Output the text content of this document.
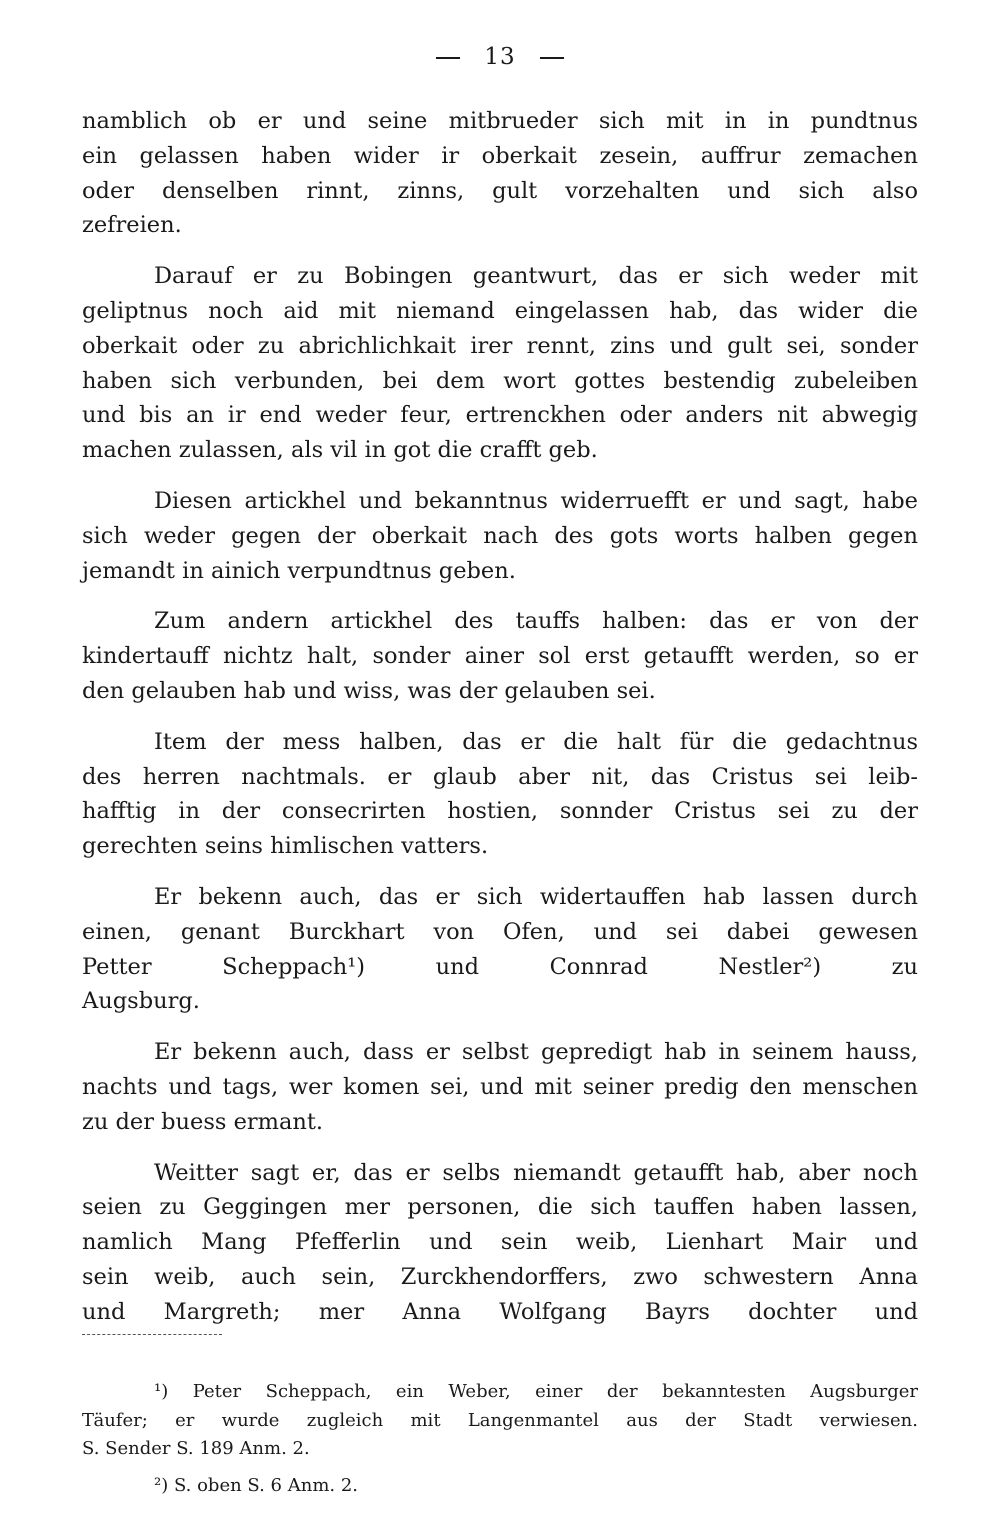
13
namblich ob er und seine mitbrueder sich mit in in pundtnus
ein gelassen haben wider ir oberkait zesein, auffrur zemachen
oder denselben rinnt, zinns, gult vorzehalten und sich also
zefreien.
Darauf er zu Bobingen geantwurt, das er sich weder mit
geliptnus noch aid mit niemand eingelassen hab, das wider die
oberkait oder zu abrichlichkait irer rennt, zins und gult sei, sonder
haben sich verbunden, bei dem wort gottes bestendig zubeleiben
und bis an ir end weder feur, ertrenckhen oder anders nit abwegig
machen zulassen, als vil in got die crafft geb.
Diesen artickhel und bekanntnus widerruefft er und sagt, habe
sich weder gegen der oberkait nach des gots worts halben gegen
jemandt in ainich verpundtnus geben.
Zum andern artickhel des tauffs halben: das er von der
kindertauff nichtz halt, sonder ainer sol erst getaufft werden, so er
den gelauben hab und wiss, was der gelauben sei.
Item der mess halben, das er die halt für die gedachtnus
des herren nachtmals. er glaub aber nit, das Cristus sei leib-
hafftig in der consecrirten hostien, sonnder Cristus sei zu der
gerechten seins himlischen vatters.
Er bekenn auch, das er sich widertauffen hab lassen durch
einen, genant Burckhart von Ofen, und sei dabei gewesen
Petter Scheppach¹) und Connrad Nestler²) zu
Augsburg.
Er bekenn auch, dass er selbst gepredigt hab in seinem hauss,
nachts und tags, wer komen sei, und mit seiner predig den menschen
zu der buess ermant.
Weitter sagt er, das er selbs niemandt getaufft hab, aber noch
seien zu Geggingen mer personen, die sich tauffen haben lassen,
namlich Mang Pfefferlin und sein weib, Lienhart Mair und
sein weib, auch sein, Zurckhendorffers, zwo schwestern Anna
und Margreth; mer Anna Wolfgang Bayrs dochter und
¹) Peter Scheppach, ein Weber, einer der bekanntesten Augsburger
Täufer; er wurde zugleich mit Langenmantel aus der Stadt verwiesen.
S. Sender S. 189 Anm. 2.
²) S. oben S. 6 Anm. 2.
